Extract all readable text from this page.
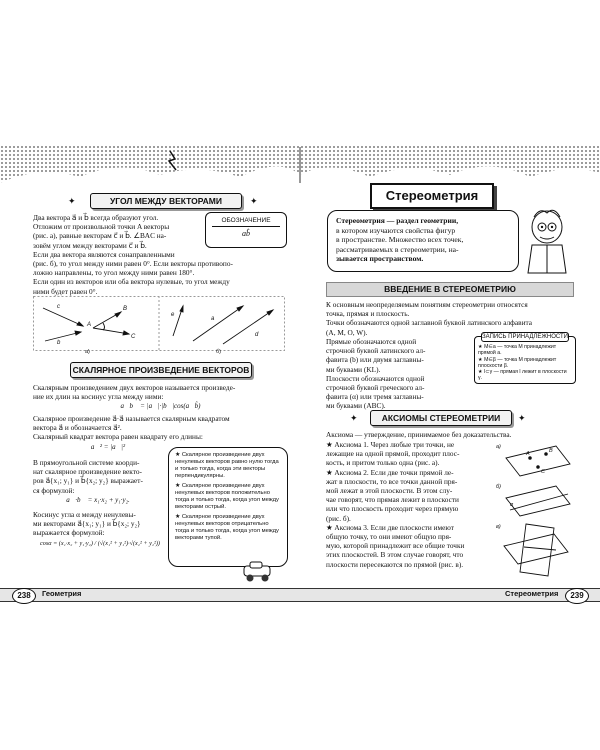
УГОЛ МЕЖДУ ВЕКТОРАМИ
✦	✦
ОБОЗНАЧЕНИЕ
ab̂

Два вектора a⃗ и b⃗ всегда образуют угол.

Отложим от произвольной точки A векторы

(рис. а), равные векторам c⃗ и b⃗. ∠BAC на-

зовём углом между векторами c⃗ и b⃗.

Если два вектора являются сонаправленными

(рис. б), то угол между ними равен 0°. Если векторы противопо-

ложно направлены, то угол между ними равен 180°.

Если один из векторов или оба вектора нулевые, то угол между

ними будет равен 0°.

c
b
B
A
C
e
a
d
а)	б)
СКАЛЯРНОЕ ПРОИЗВЕДЕНИЕ ВЕКТОРОВ

Скалярным произведением двух векторов называется произведе-

ние их длин на косинус угла между ними:

a⃗b⃗ = |a⃗|·|b⃗|cos(a⃗b̂)

Скалярное произведение a⃗·a⃗ называется скалярным квадратом

вектора a⃗ и обозначается a⃗².

Скалярный квадрат вектора равен квадрату его длины:

a⃗² = |a⃗|²

В прямоугольной системе коорди-

нат скалярное произведение векто-

ров a⃗{x₁; y₁} и b⃗{x₂; y₂} выражает-

ся формулой:

a⃗·b⃗ = x₁·x₂ + y₁·y₂.

Косинус угла α между ненулевы-

ми векторами a⃗{x₁; y₁} и b⃗{x₂; y₂}

выражается формулой:

cosα = (x₁·x₂ + y₁·y₂) / (√(x₁² + y₁²)·√(x₂² + y₂²))

★ Скалярное произведение двух ненулевых векторов равно нулю тогда и только тогда, когда эти векторы перпендикулярны.

★ Скалярное произведение двух ненулевых векторов положительно тогда и только тогда, когда угол между векторами острый.

★ Скалярное произведение двух ненулевых векторов отрицательно тогда и только тогда, когда угол между векторами тупой.

238	Геометрия
Стереометрия

Стереометрия — раздел геометрии,

в котором изучаются свойства фигур

в пространстве. Множество всех точек,

рассматриваемых в стереометрии, на-

зывается пространством.

ВВЕДЕНИЕ В СТЕРЕОМЕТРИЮ

К основным неопределяемым понятиям стереометрии относятся

точка, прямая и плоскость.

Точки обозначаются одной заглавной буквой латинского алфавита

(A, M, O, W).

Прямые обозначаются одной

строчной буквой латинского ал-

фавита (b) или двумя заглавны-

ми буквами (KL).

Плоскости обозначаются одной

строчной буквой греческого ал-

фавита (α) или тремя заглавны-

ми буквами (ABC).

ЗАПИСЬ ПРИНАДЛЕЖНОСТИ

★ M∈a — точка M принадлежит прямой a.

★ M∈β — точка M принадлежит плоскости β.

★ l⊂γ — прямая l лежит в плоскости γ.

АКСИОМЫ СТЕРЕОМЕТРИИ
✦	✦

Аксиома — утверждение, принимаемое без доказательства.

★ Аксиома 1. Через любые три точки, не

лежащие на одной прямой, проходит плос-

кость, и притом только одна (рис. а).

★ Аксиома 2. Если две точки прямой ле-

жат в плоскости, то все точки данной пря-

мой лежат в этой плоскости. В этом слу-

чае говорят, что прямая лежит в плоскости

или что плоскость проходит через прямую

(рис. б).

★ Аксиома 3. Если две плоскости имеют

общую точку, то они имеют общую пря-

мую, которой принадлежит все общие точки

этих плоскостей. В этом случае говорят, что

плоскости пересекаются по прямой (рис. в).

а)
A	B
C
б)
α
в)
Стереометрия	239
